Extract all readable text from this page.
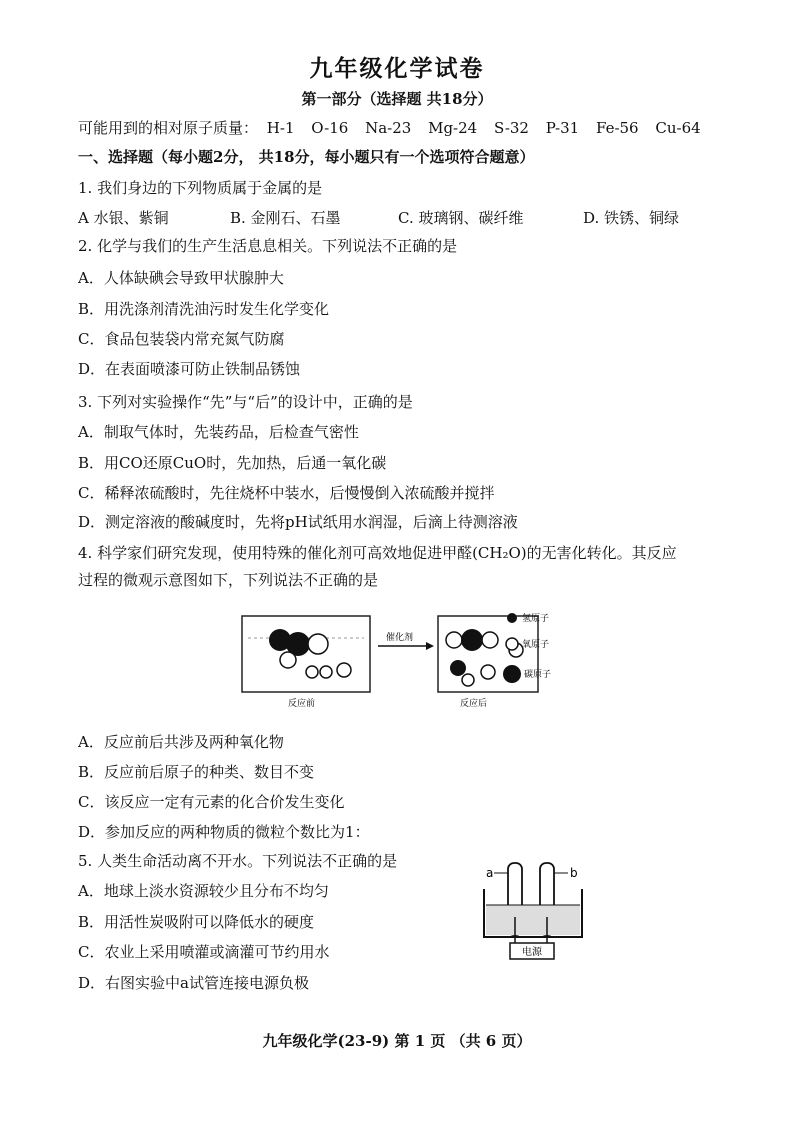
九年级化学试卷
第一部分（选择题 共18分）
可能用到的相对原子质量： H-1 O-16 Na-23 Mg-24 S-32 P-31 Fe-56 Cu-64
一、选择题（每小题2分， 共18分，每小题只有一个选项符合题意）
1. 我们身边的下列物质属于金属的是
A 水银、紫铜	B. 金刚石、石墨	C. 玻璃钢、碳纤维	D. 铁锈、铜绿
2. 化学与我们的生产生活息息相关。下列说法不正确的是
A．人体缺碘会导致甲状腺肿大
B．用洗涤剂清洗油污时发生化学变化
C．食品包装袋内常充氮气防腐
D．在表面喷漆可防止铁制品锈蚀
3. 下列对实验操作“先”与“后”的设计中，正确的是
A．制取气体时，先装药品，后检查气密性
B．用CO还原CuO时，先加热，后通一氧化碳
C．稀释浓硫酸时，先往烧杯中装水，后慢慢倒入浓硫酸并搅拌
D．测定溶液的酸碱度时，先将pH试纸用水润湿，后滴上待测溶液
4. 科学家们研究发现，使用特殊的催化剂可高效地促进甲醛(CH₂O)的无害化转化。其反应
过程的微观示意图如下，下列说法不正确的是
反应前
催化剂
反应后
氢原子
氧原子
碳原子
A．反应前后共涉及两种氧化物
B．反应前后原子的种类、数目不变
C．该反应一定有元素的化合价发生变化
D．参加反应的两种物质的微粒个数比为1：
5. 人类生命活动离不开水。下列说法不正确的是
电源
a	b
A．地球上淡水资源较少且分布不均匀
B．用活性炭吸附可以降低水的硬度
C．农业上采用喷灌或滴灌可节约用水
D．右图实验中a试管连接电源负极
九年级化学(23-9) 第 1 页 （共 6 页）
